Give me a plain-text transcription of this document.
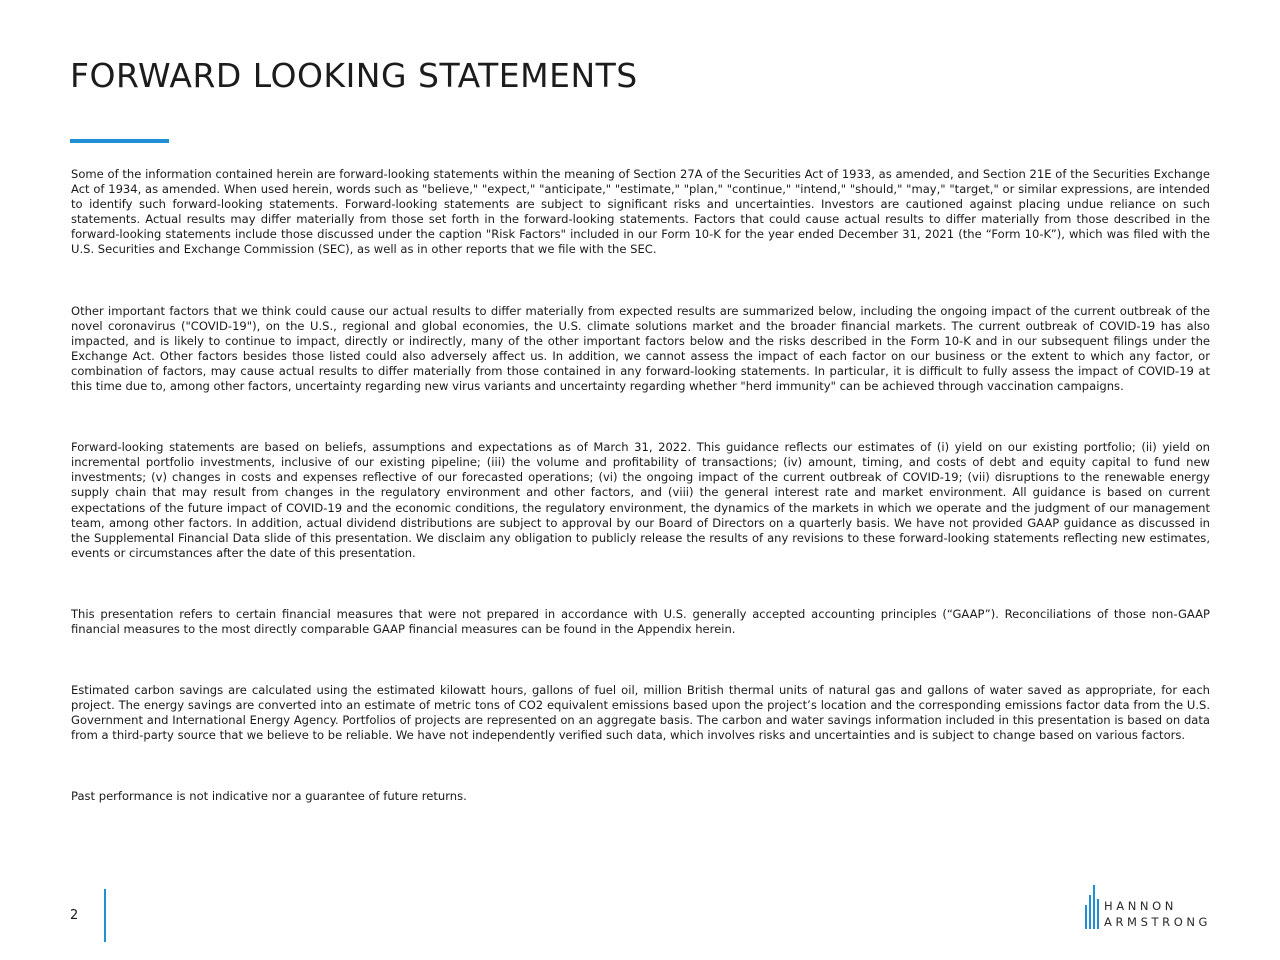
FORWARD LOOKING STATEMENTS

Some of the information contained herein are forward-looking statements within the meaning of Section 27A of the Securities Act of 1933, as amended, and Section 21E of the Securities Exchange Act of 1934, as amended. When used herein, words such as "believe," "expect," "anticipate," "estimate," "plan," "continue," "intend," "should," "may," "target," or similar expressions, are intended to identify such forward-looking statements. Forward-looking statements are subject to significant risks and uncertainties. Investors are cautioned against placing undue reliance on such statements. Actual results may differ materially from those set forth in the forward-looking statements. Factors that could cause actual results to differ materially from those described in the forward-looking statements include those discussed under the caption "Risk Factors" included in our Form 10-K for the year ended December 31, 2021 (the “Form 10-K”), which was filed with the U.S. Securities and Exchange Commission (SEC), as well as in other reports that we file with the SEC.

Other important factors that we think could cause our actual results to differ materially from expected results are summarized below, including the ongoing impact of the current outbreak of the novel coronavirus ("COVID-19"), on the U.S., regional and global economies, the U.S. climate solutions market and the broader financial markets. The current outbreak of COVID-19 has also impacted, and is likely to continue to impact, directly or indirectly, many of the other important factors below and the risks described in the Form 10-K and in our subsequent filings under the Exchange Act. Other factors besides those listed could also adversely affect us. In addition, we cannot assess the impact of each factor on our business or the extent to which any factor, or combination of factors, may cause actual results to differ materially from those contained in any forward-looking statements. In particular, it is difficult to fully assess the impact of COVID-19 at this time due to, among other factors, uncertainty regarding new virus variants and uncertainty regarding whether "herd immunity" can be achieved through vaccination campaigns.

Forward-looking statements are based on beliefs, assumptions and expectations as of March 31, 2022. This guidance reflects our estimates of (i) yield on our existing portfolio; (ii) yield on incremental portfolio investments, inclusive of our existing pipeline; (iii) the volume and profitability of transactions; (iv) amount, timing, and costs of debt and equity capital to fund new investments; (v) changes in costs and expenses reflective of our forecasted operations; (vi) the ongoing impact of the current outbreak of COVID-19; (vii) disruptions to the renewable energy supply chain that may result from changes in the regulatory environment and other factors, and (viii) the general interest rate and market environment. All guidance is based on current expectations of the future impact of COVID-19 and the economic conditions, the regulatory environment, the dynamics of the markets in which we operate and the judgment of our management team, among other factors. In addition, actual dividend distributions are subject to approval by our Board of Directors on a quarterly basis. We have not provided GAAP guidance as discussed in the Supplemental Financial Data slide of this presentation. We disclaim any obligation to publicly release the results of any revisions to these forward-looking statements reflecting new estimates, events or circumstances after the date of this presentation.

This presentation refers to certain financial measures that were not prepared in accordance with U.S. generally accepted accounting principles (“GAAP”). Reconciliations of those non-GAAP financial measures to the most directly comparable GAAP financial measures can be found in the Appendix herein.

Estimated carbon savings are calculated using the estimated kilowatt hours, gallons of fuel oil, million British thermal units of natural gas and gallons of water saved as appropriate, for each project. The energy savings are converted into an estimate of metric tons of CO2 equivalent emissions based upon the project’s location and the corresponding emissions factor data from the U.S. Government and International Energy Agency. Portfolios of projects are represented on an aggregate basis. The carbon and water savings information included in this presentation is based on data from a third-party source that we believe to be reliable. We have not independently verified such data, which involves risks and uncertainties and is subject to change based on various factors.

Past performance is not indicative nor a guarantee of future returns.

2
HANNON
ARMSTRONG
